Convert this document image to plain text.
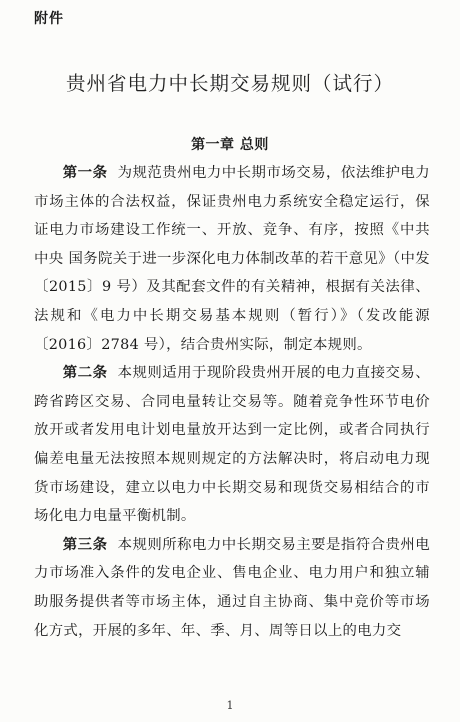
附件
贵州省电力中长期交易规则（试行）
第一章 总则

第一条 为规范贵州电力中长期市场交易，依法维护电力市场主体的合法权益，保证贵州电力系统安全稳定运行，保证电力市场建设工作统一、开放、竞争、有序，按照《中共中央 国务院关于进一步深化电力体制改革的若干意见》（中发〔2015〕9 号）及其配套文件的有关精神，根据有关法律、法规和《电力中长期交易基本规则（暂行）》（发改能源〔2016〕2784 号），结合贵州实际，制定本规则。

第二条 本规则适用于现阶段贵州开展的电力直接交易、跨省跨区交易、合同电量转让交易等。随着竞争性环节电价放开或者发用电计划电量放开达到一定比例，或者合同执行偏差电量无法按照本规则规定的方法解决时，将启动电力现货市场建设，建立以电力中长期交易和现货交易相结合的市场化电力电量平衡机制。

第三条 本规则所称电力中长期交易主要是指符合贵州电力市场准入条件的发电企业、售电企业、电力用户和独立辅助服务提供者等市场主体，通过自主协商、集中竞价等市场化方式，开展的多年、年、季、月、周等日以上的电力交

1
